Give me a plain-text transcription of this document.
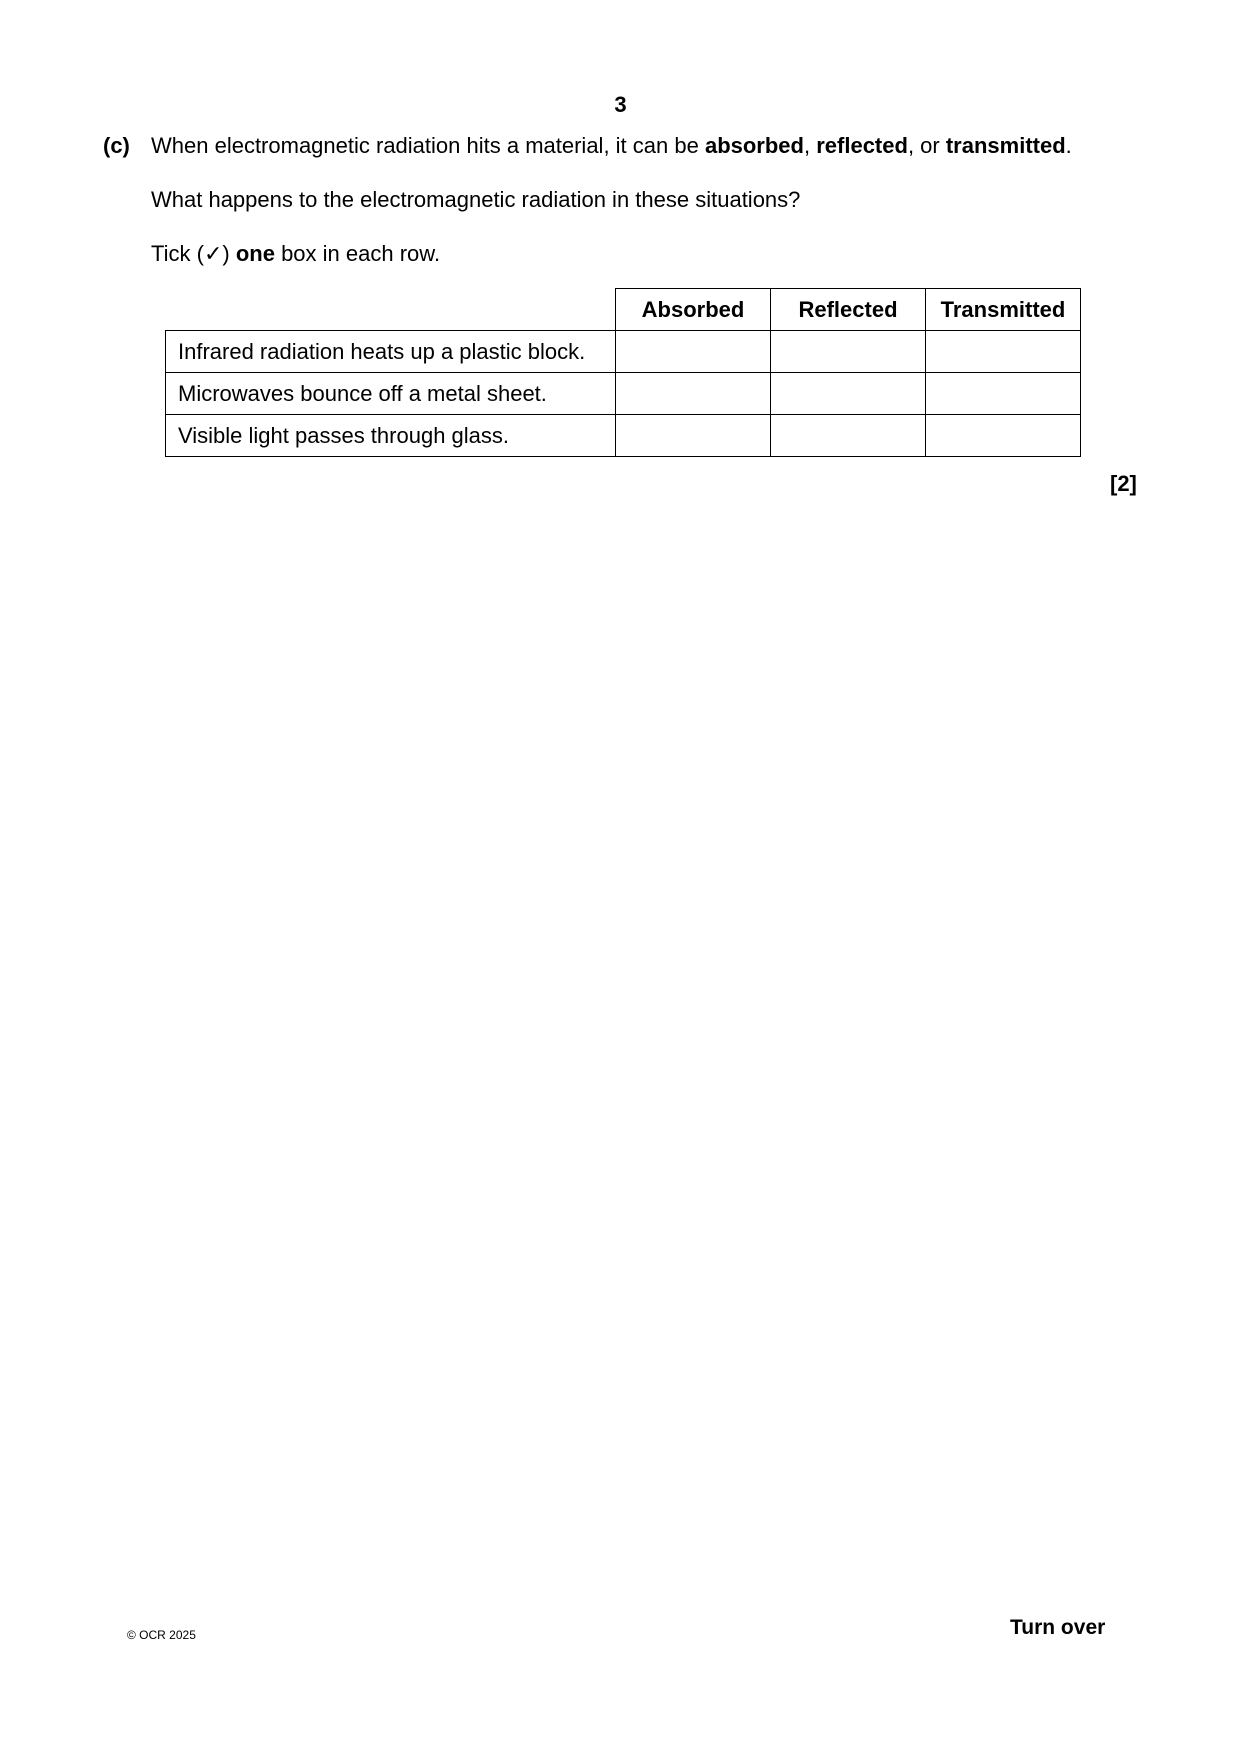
3
(c) When electromagnetic radiation hits a material, it can be absorbed, reflected, or transmitted.
What happens to the electromagnetic radiation in these situations?
Tick (✓) one box in each row.
	Absorbed	Reflected	Transmitted
Infrared radiation heats up a plastic block.			
Microwaves bounce off a metal sheet.			
Visible light passes through glass.			
[2]
© OCR 2025	Turn over
